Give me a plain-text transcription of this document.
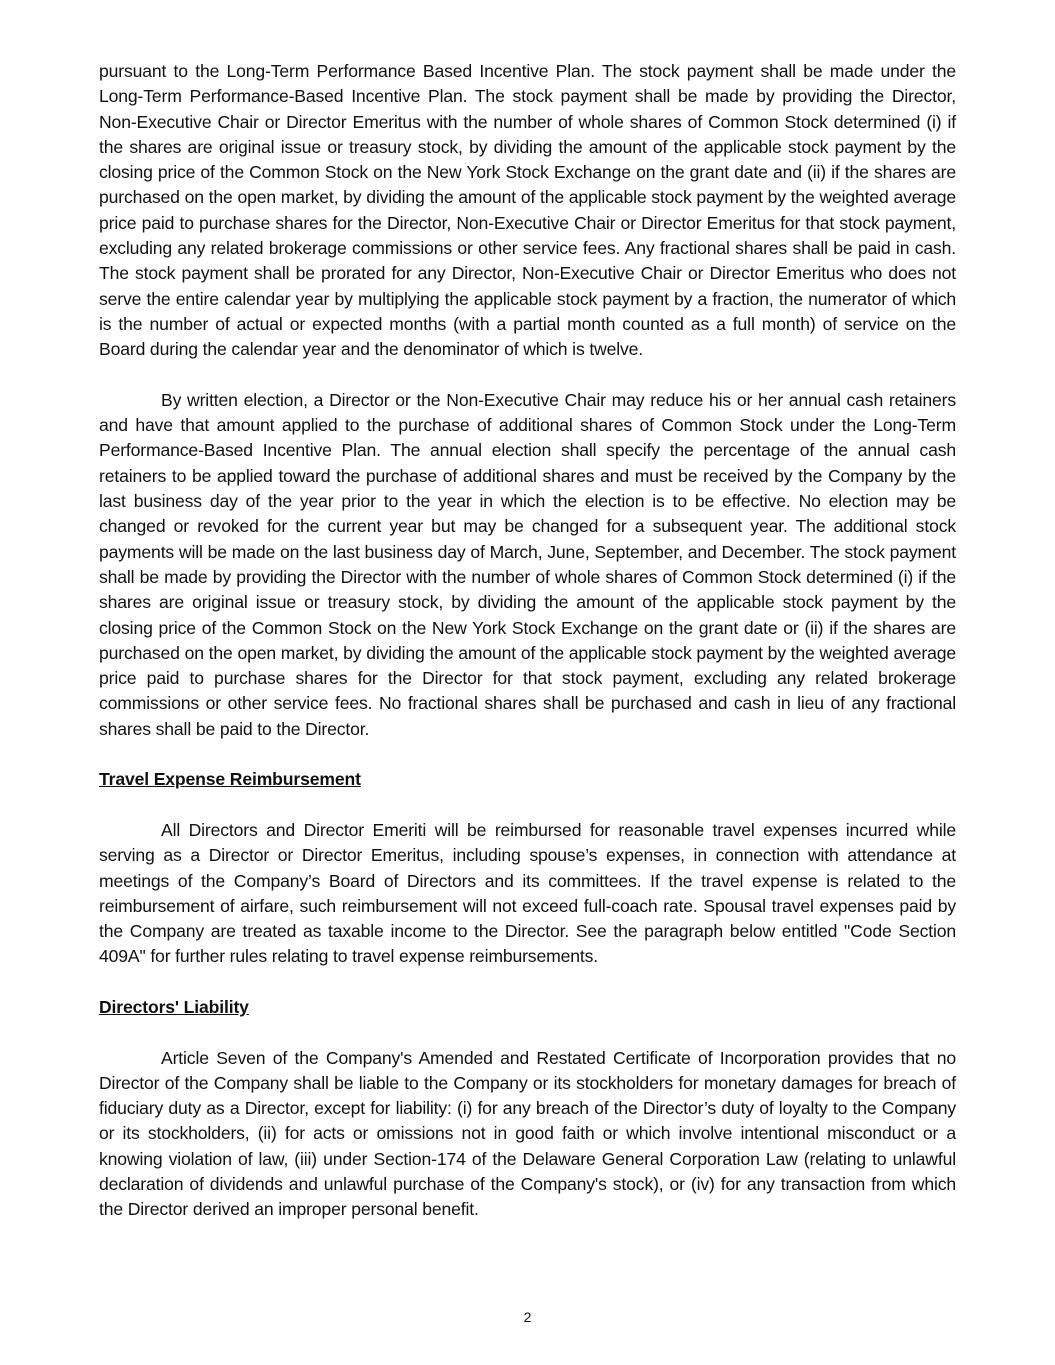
pursuant to the Long-Term Performance Based Incentive Plan. The stock payment shall be made under the Long-Term Performance-Based Incentive Plan. The stock payment shall be made by providing the Director, Non-Executive Chair or Director Emeritus with the number of whole shares of Common Stock determined (i) if the shares are original issue or treasury stock, by dividing the amount of the applicable stock payment by the closing price of the Common Stock on the New York Stock Exchange on the grant date and (ii) if the shares are purchased on the open market, by dividing the amount of the applicable stock payment by the weighted average price paid to purchase shares for the Director, Non-Executive Chair or Director Emeritus for that stock payment, excluding any related brokerage commissions or other service fees. Any fractional shares shall be paid in cash. The stock payment shall be prorated for any Director, Non-Executive Chair or Director Emeritus who does not serve the entire calendar year by multiplying the applicable stock payment by a fraction, the numerator of which is the number of actual or expected months (with a partial month counted as a full month) of service on the Board during the calendar year and the denominator of which is twelve.

By written election, a Director or the Non-Executive Chair may reduce his or her annual cash retainers and have that amount applied to the purchase of additional shares of Common Stock under the Long-Term Performance-Based Incentive Plan. The annual election shall specify the percentage of the annual cash retainers to be applied toward the purchase of additional shares and must be received by the Company by the last business day of the year prior to the year in which the election is to be effective. No election may be changed or revoked for the current year but may be changed for a subsequent year. The additional stock payments will be made on the last business day of March, June, September, and December. The stock payment shall be made by providing the Director with the number of whole shares of Common Stock determined (i) if the shares are original issue or treasury stock, by dividing the amount of the applicable stock payment by the closing price of the Common Stock on the New York Stock Exchange on the grant date or (ii) if the shares are purchased on the open market, by dividing the amount of the applicable stock payment by the weighted average price paid to purchase shares for the Director for that stock payment, excluding any related brokerage commissions or other service fees. No fractional shares shall be purchased and cash in lieu of any fractional shares shall be paid to the Director.

Travel Expense Reimbursement

All Directors and Director Emeriti will be reimbursed for reasonable travel expenses incurred while serving as a Director or Director Emeritus, including spouse’s expenses, in connection with attendance at meetings of the Company’s Board of Directors and its committees. If the travel expense is related to the reimbursement of airfare, such reimbursement will not exceed full-coach rate. Spousal travel expenses paid by the Company are treated as taxable income to the Director. See the paragraph below entitled "Code Section 409A" for further rules relating to travel expense reimbursements.

Directors' Liability

Article Seven of the Company's Amended and Restated Certificate of Incorporation provides that no Director of the Company shall be liable to the Company or its stockholders for monetary damages for breach of fiduciary duty as a Director, except for liability: (i) for any breach of the Director’s duty of loyalty to the Company or its stockholders, (ii) for acts or omissions not in good faith or which involve intentional misconduct or a knowing violation of law, (iii) under Section-174 of the Delaware General Corporation Law (relating to unlawful declaration of dividends and unlawful purchase of the Company's stock), or (iv) for any transaction from which the Director derived an improper personal benefit.

2
